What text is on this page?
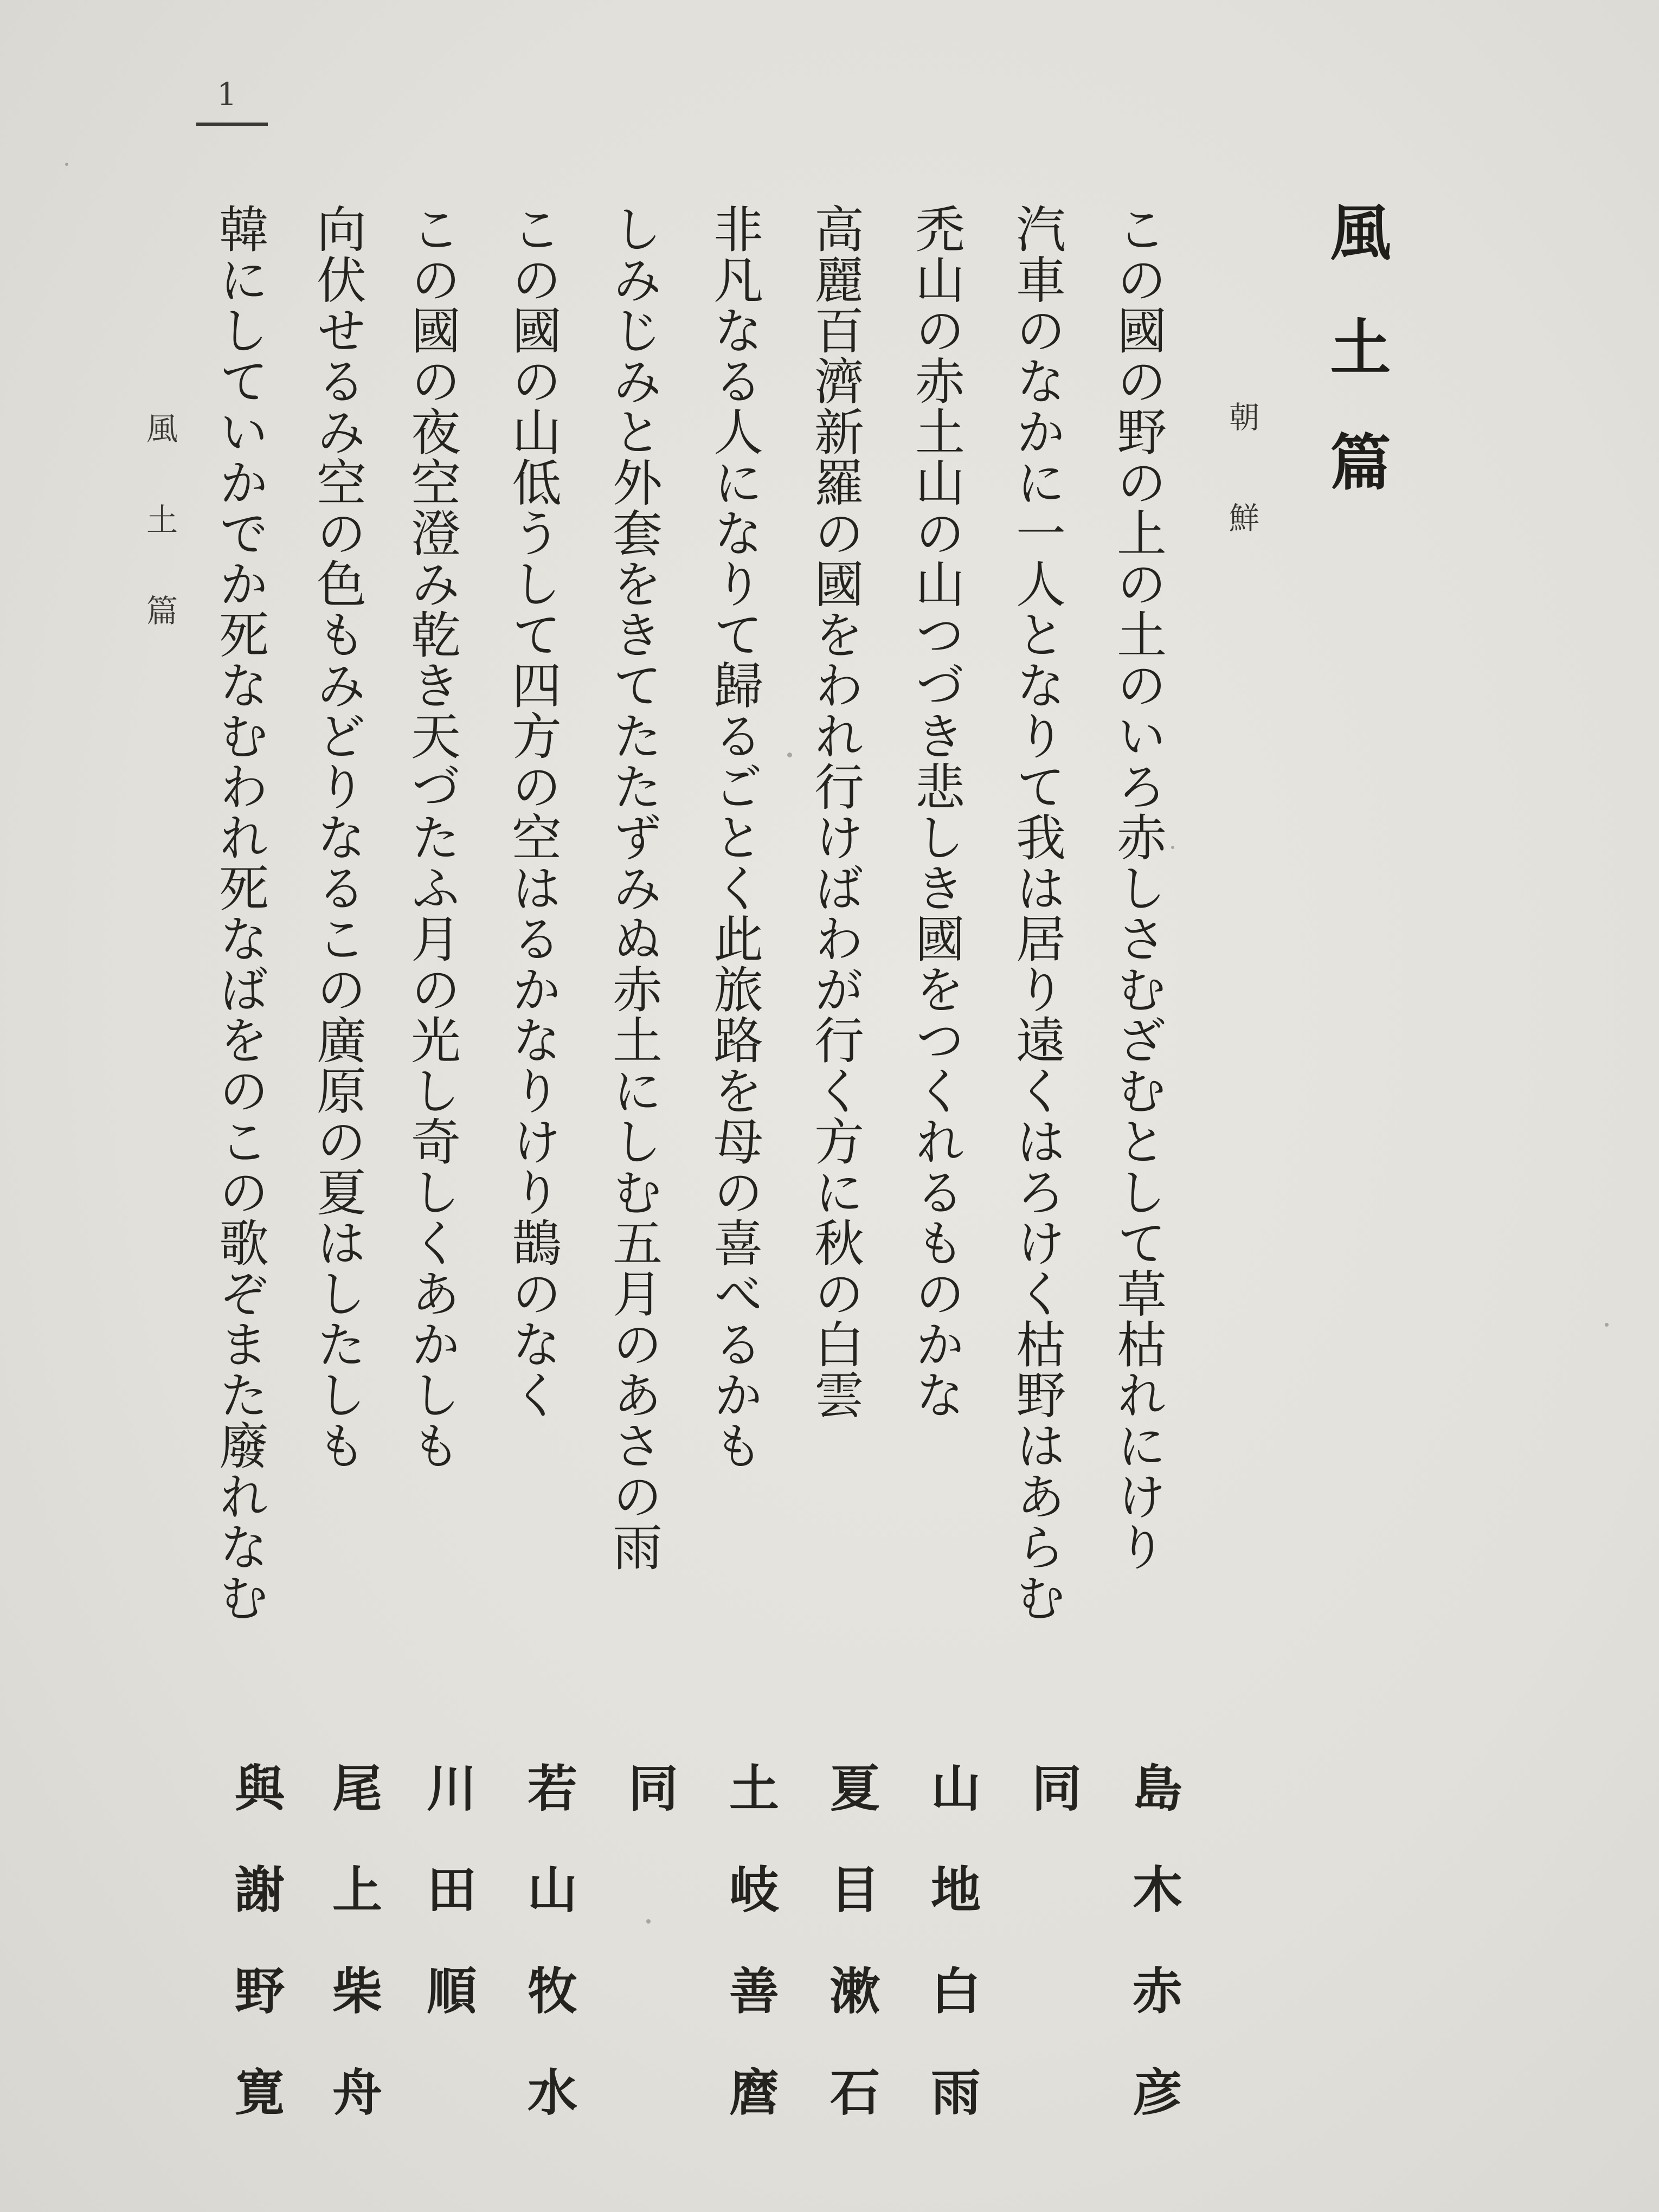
1

風土篇

朝鮮

風土篇	この國の野の上の土のいろ赤しさむざむとして草枯れにけり

汽車のなかに一人となりて我は居り遠くはろけく枯野はあらむ

禿山の赤土山の山つづき悲しき國をつくれるものかな

高麗百濟新羅の國をわれ行けばわが行く方に秋の白雲

非凡なる人になりて歸るごとく此旅路を母の喜べるかも

しみじみと外套をきてたたずみぬ赤土にしむ五月のあさの雨

この國の山低うして四方の空はるかなりけり鵲のなく

この國の夜空澄み乾き天づたふ月の光し奇しくあかしも

向伏せるみ空の色もみどりなるこの廣原の夏はしたしも

韓にしていかでか死なむわれ死なばをのこの歌ぞまた廢れなむ

島木赤彦

同

山地白雨

夏目漱石

土岐善麿

同

若山牧水

川田順

尾上柴舟

與謝野寛
